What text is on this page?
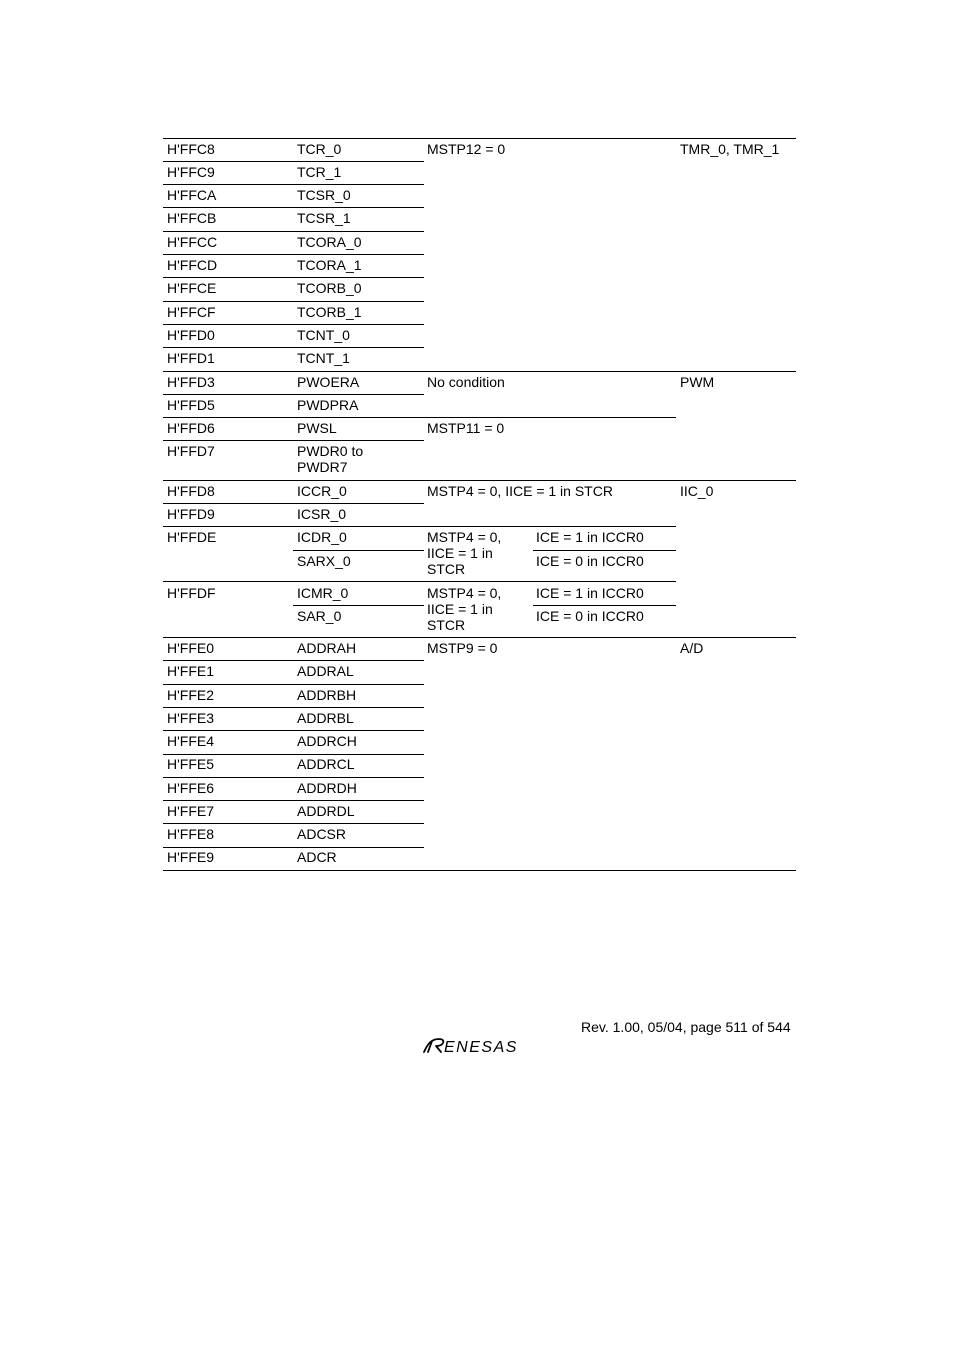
H'FFC8
H'FFC9
H'FFCA
H'FFCB
H'FFCC
H'FFCD
H'FFCE
H'FFCF
H'FFD0
H'FFD1
H'FFD3
H'FFD5
H'FFD6
H'FFD7
H'FFD8
H'FFD9
H'FFDE
H'FFDF
H'FFE0
H'FFE1
H'FFE2
H'FFE3
H'FFE4
H'FFE5
H'FFE6
H'FFE7
H'FFE8
H'FFE9
TCR_0
TCR_1
TCSR_0
TCSR_1
TCORA_0
TCORA_1
TCORB_0
TCORB_1
TCNT_0
TCNT_1
PWOERA
PWDPRA
PWSL
PWDR0 to
PWDR7
ICCR_0
ICSR_0
ICDR_0
SARX_0
ICMR_0
SAR_0
ADDRAH
ADDRAL
ADDRBH
ADDRBL
ADDRCH
ADDRCL
ADDRDH
ADDRDL
ADCSR
ADCR
MSTP12 = 0
No condition
MSTP11 = 0
MSTP4 = 0, IICE = 1 in STCR
MSTP4 = 0,
IICE = 1 in
STCR
MSTP4 = 0,
IICE = 1 in
STCR
ICE = 1 in ICCR0
ICE = 0 in ICCR0
ICE = 1 in ICCR0
ICE = 0 in ICCR0
MSTP9 = 0
TMR_0, TMR_1
PWM
IIC_0
A/D
Rev. 1.00, 05/04, page 511 of 544
ENESAS
